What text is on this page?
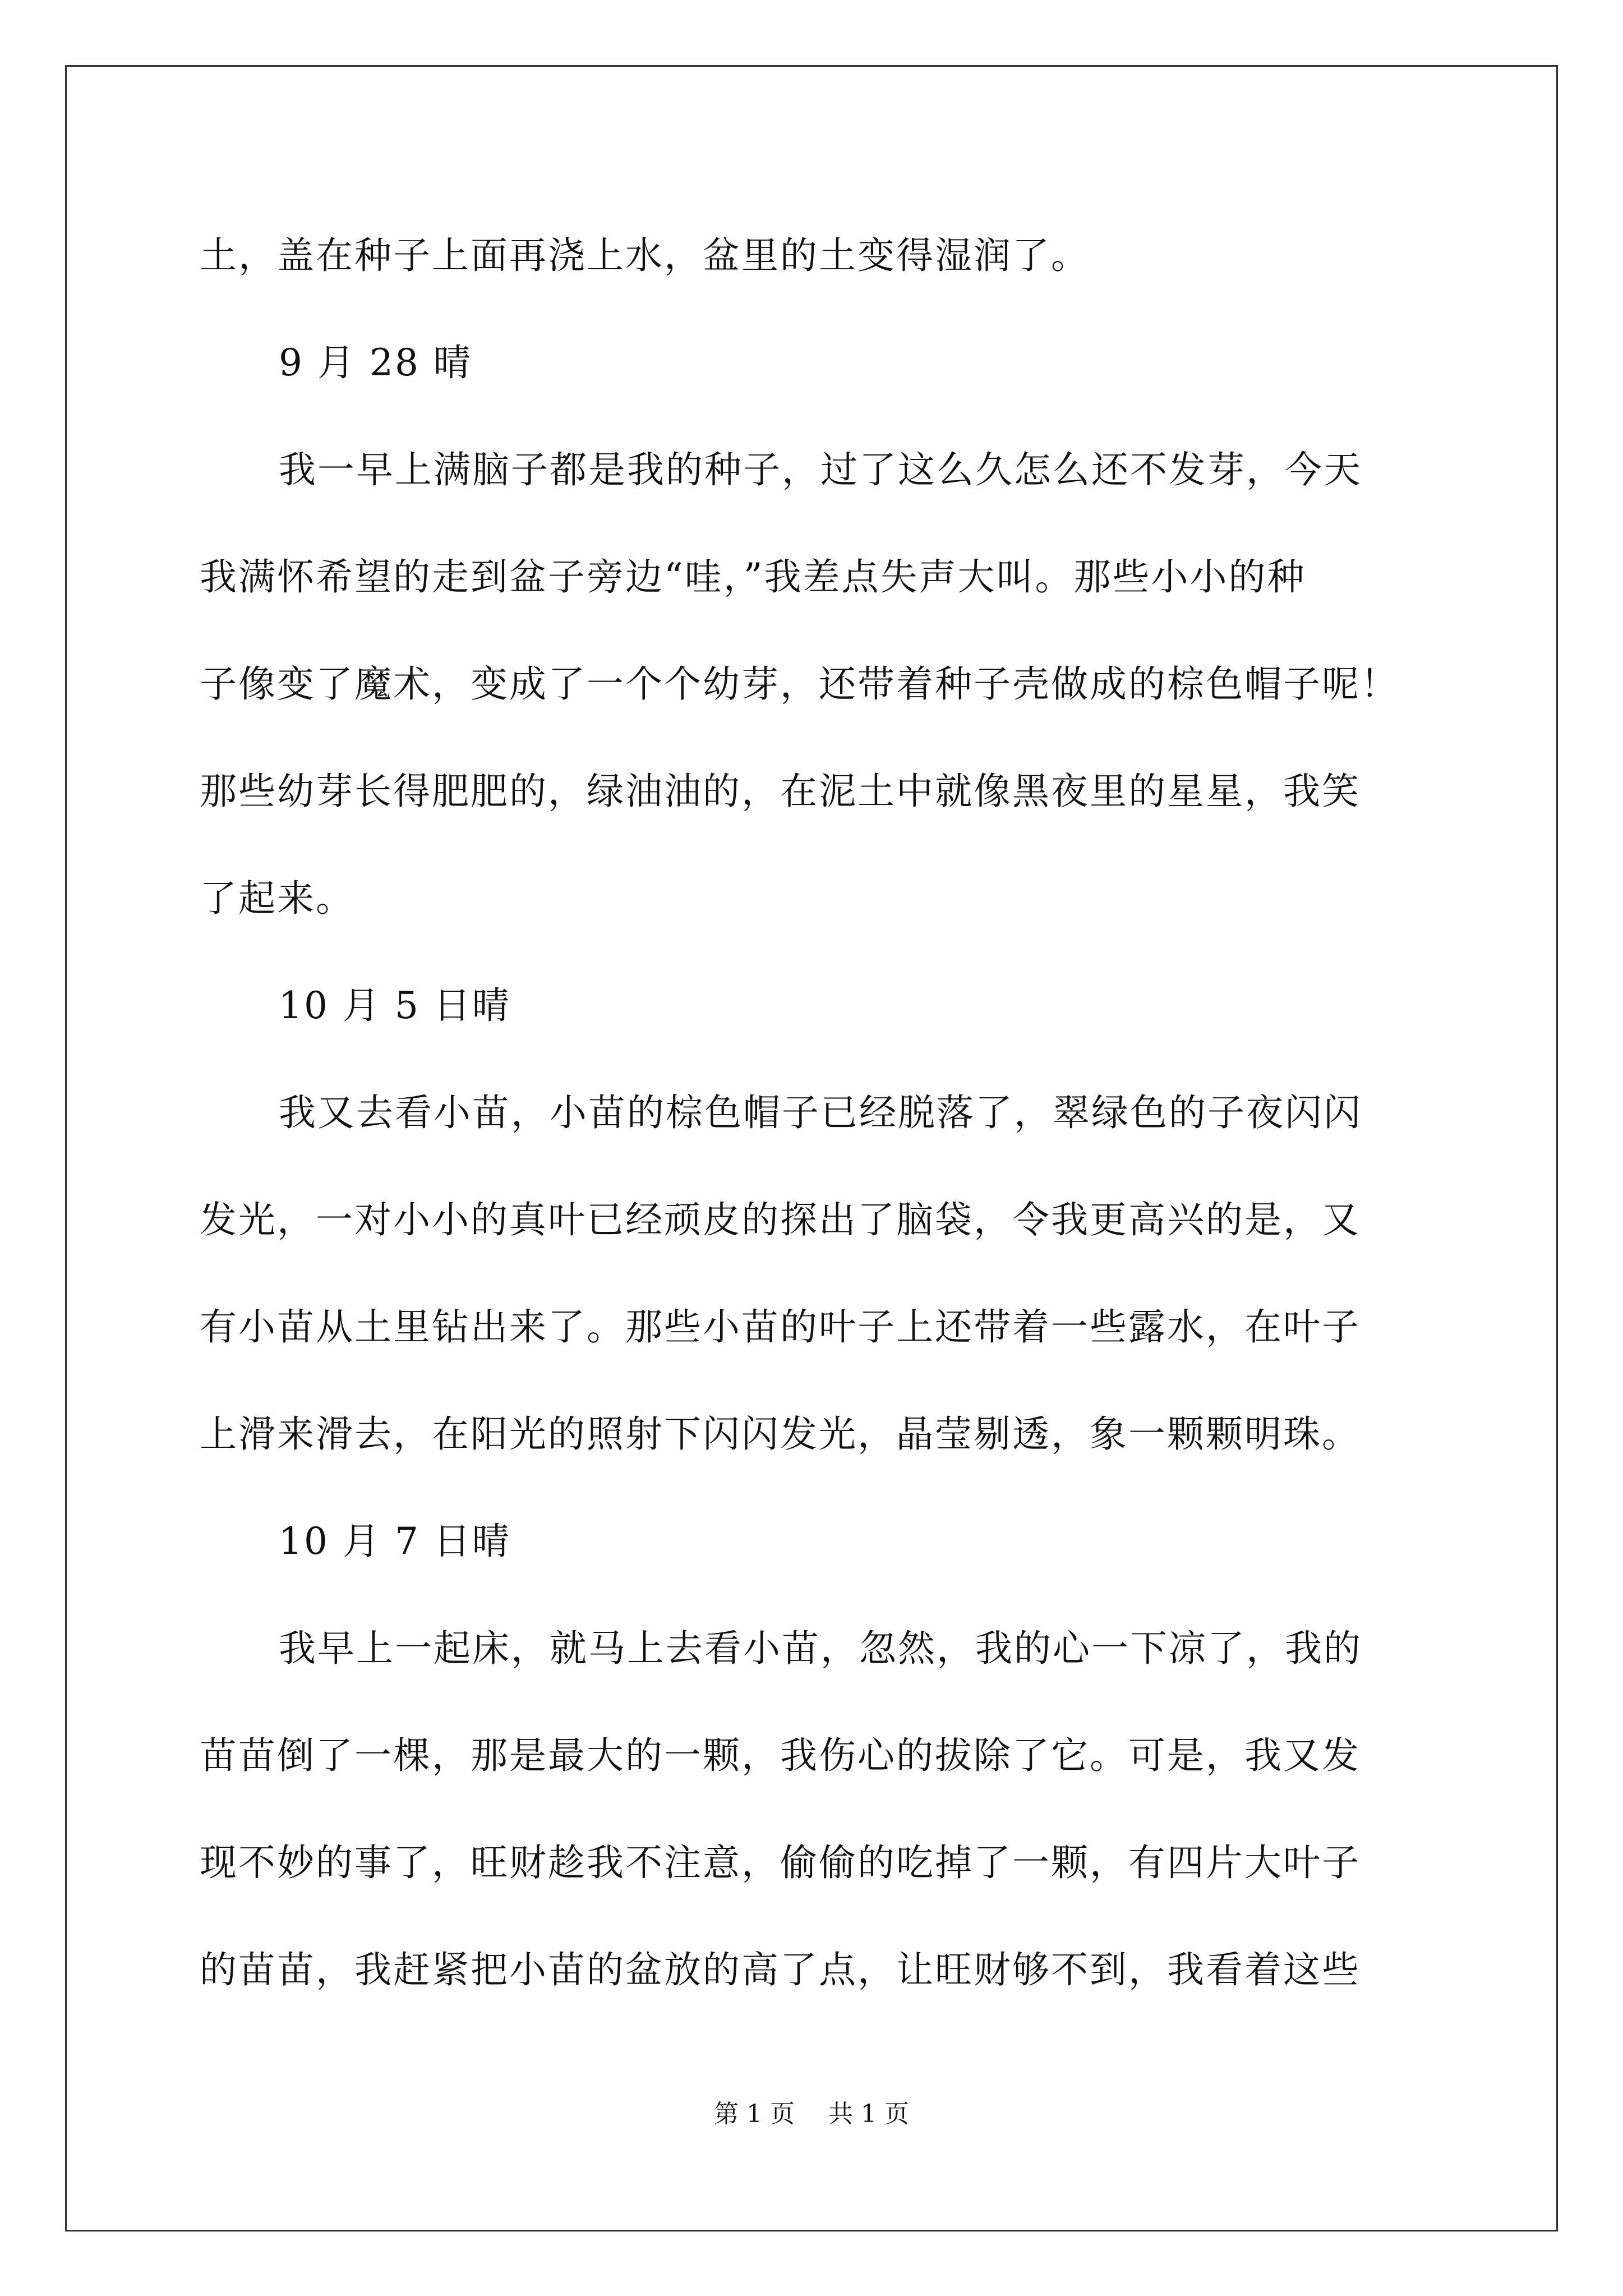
土，盖在种子上面再浇上水，盆里的土变得湿润了。
9 月 28 晴
我一早上满脑子都是我的种子，过了这么久怎么还不发芽，今天
我满怀希望的走到盆子旁边“哇，”我差点失声大叫。那些小小的种
子像变了魔术，变成了一个个幼芽，还带着种子壳做成的棕色帽子呢！
那些幼芽长得肥肥的，绿油油的，在泥土中就像黑夜里的星星，我笑
了起来。
10 月 5 日晴
我又去看小苗，小苗的棕色帽子已经脱落了，翠绿色的子夜闪闪
发光，一对小小的真叶已经顽皮的探出了脑袋，令我更高兴的是，又
有小苗从土里钻出来了。那些小苗的叶子上还带着一些露水，在叶子
上滑来滑去，在阳光的照射下闪闪发光，晶莹剔透，象一颗颗明珠。
10 月 7 日晴
我早上一起床，就马上去看小苗，忽然，我的心一下凉了，我的
苗苗倒了一棵，那是最大的一颗，我伤心的拔除了它。可是，我又发
现不妙的事了，旺财趁我不注意，偷偷的吃掉了一颗，有四片大叶子
的苗苗，我赶紧把小苗的盆放的高了点，让旺财够不到，我看着这些
第 1 页 共 1 页
